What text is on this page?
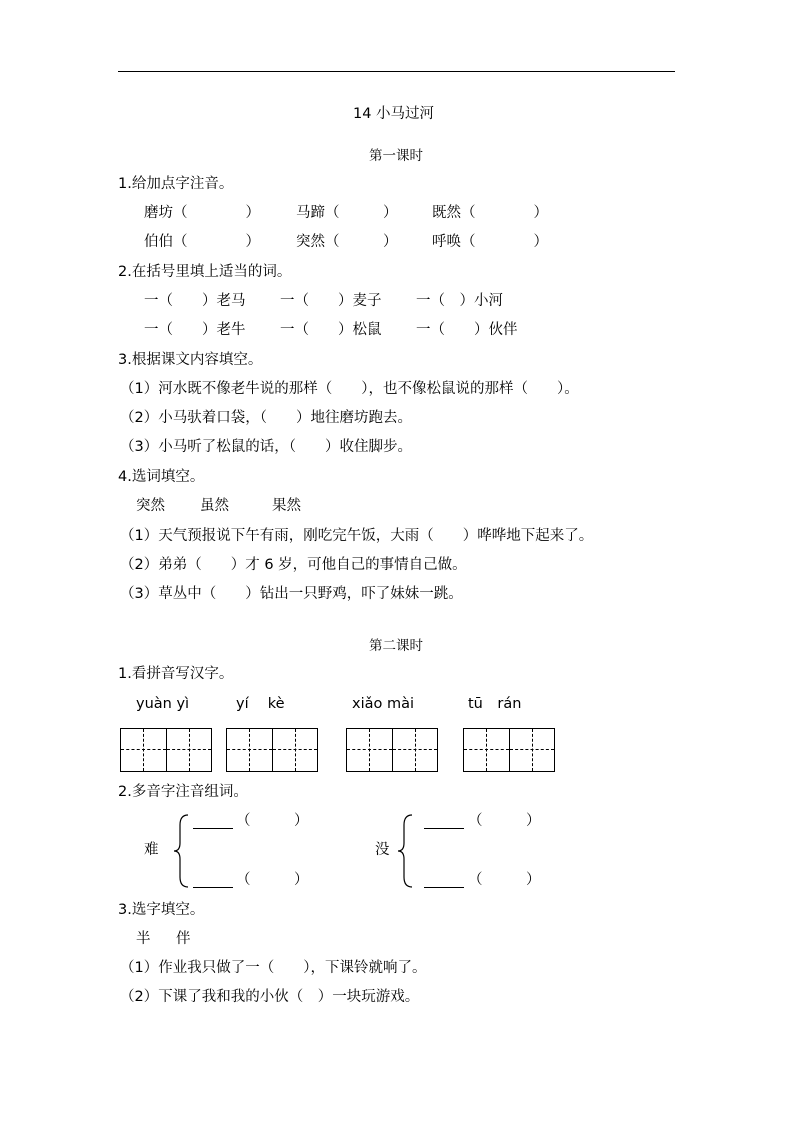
14 小马过河
第一课时
1.给加点字注音。
磨坊（　　　　） 马蹄（　　　） 既然（　　　　）
伯伯（　　　　） 突然（　　　） 呼唤（　　　　）
2.在括号里填上适当的词。
一（　　）老马 一（　　）麦子 一（　）小河
一（　　）老牛 一（　　）松鼠 一（　　）伙伴
3.根据课文内容填空。
（1）河水既不像老牛说的那样（　　），也不像松鼠说的那样（　　）。
（2）小马驮着口袋，（　　）地往磨坊跑去。
（3）小马听了松鼠的话，（　　）收住脚步。
4.选词填空。
突然 虽然	果然
（1）天气预报说下午有雨，刚吃完午饭，大雨（　　）哗哗地下起来了。
（2）弟弟（　　）才 6 岁，可他自己的事情自己做。
（3）草丛中（　　）钻出一只野鸡，吓了妹妹一跳。
第二课时
1.看拼音写汉字。
yuàn yì	yí　 kè	xiǎo mài	tū　rán
2.多音字注音组词。
难
（　　　）
（　　　）
没
（　　　）
（　　　）
3.选字填空。
半 伴
（1）作业我只做了一（　　），下课铃就响了。
（2）下课了我和我的小伙（　）一块玩游戏。
